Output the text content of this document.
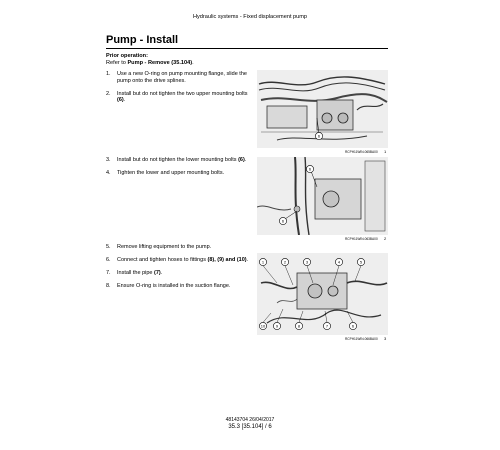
Hydraulic systems - Fixed displacement pump
Pump - Install
Prior operation:
Refer to Pump - Remove (35.104).
1. Use a new O-ring on pump mounting flange, slide the pump onto the drive splines.
2. Install but do not tighten the two upper mounting bolts (6).
6
RCPH11WIN-065BA00 1
3. Install but do not tighten the lower mounting bolts (6).
4. Tighten the lower and upper mounting bolts.
6
6
RCPH11WIN-063BA00 2
5. Remove lifting equipment to the pump.
6. Connect and tighten hoses to fittings (8), (9) and (10).
7. Install the pipe (7).
8. Ensure O-ring is installed in the suction flange.
1	2	3	4	5
10	9	8	7	6
RCPH11WIN-066BA00 3
48143704 26/04/2017
35.3 [35.104] / 6
